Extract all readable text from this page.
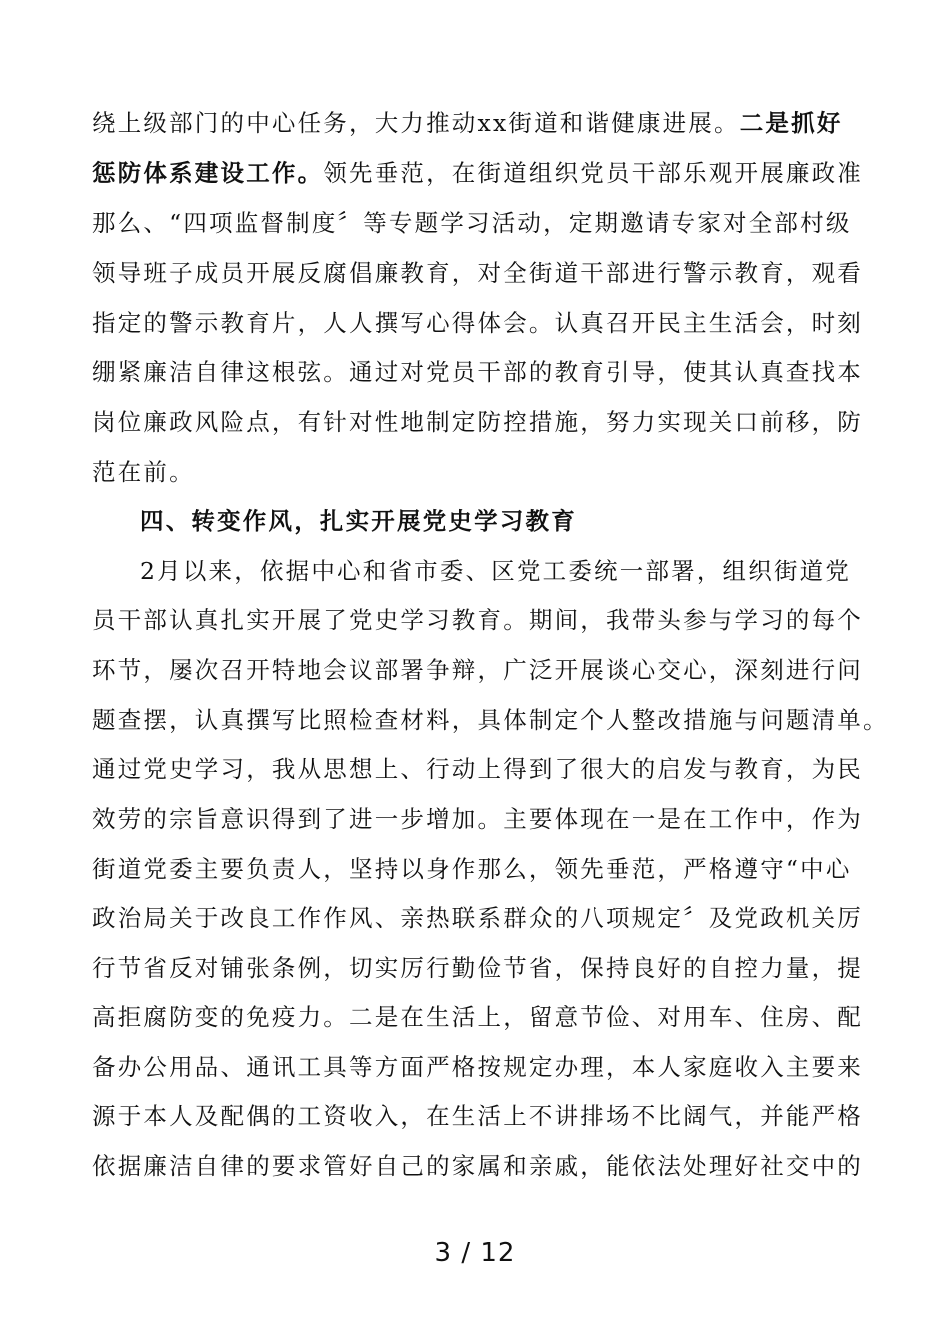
绕上级部门的中心任务，大力推动xx街道和谐健康进展。二是抓好
惩防体系建设工作。领先垂范，在街道组织党员干部乐观开展廉政准
那么、“四项监督制度〞等专题学习活动，定期邀请专家对全部村级
领导班子成员开展反腐倡廉教育，对全街道干部进行警示教育，观看
指定的警示教育片，人人撰写心得体会。认真召开民主生活会，时刻
绷紧廉洁自律这根弦。通过对党员干部的教育引导，使其认真查找本
岗位廉政风险点，有针对性地制定防控措施，努力实现关口前移，防
范在前。
四、转变作风，扎实开展党史学习教育
2月以来，依据中心和省市委、区党工委统一部署，组织街道党
员干部认真扎实开展了党史学习教育。期间，我带头参与学习的每个
环节，屡次召开特地会议部署争辩，广泛开展谈心交心，深刻进行问
题查摆，认真撰写比照检查材料，具体制定个人整改措施与问题清单。
通过党史学习，我从思想上、行动上得到了很大的启发与教育，为民
效劳的宗旨意识得到了进一步增加。主要体现在一是在工作中，作为
街道党委主要负责人，坚持以身作那么，领先垂范，严格遵守“中心
政治局关于改良工作作风、亲热联系群众的八项规定〞及党政机关厉
行节省反对铺张条例，切实厉行勤俭节省，保持良好的自控力量，提
高拒腐防变的免疫力。二是在生活上，留意节俭、对用车、住房、配
备办公用品、通讯工具等方面严格按规定办理，本人家庭收入主要来
源于本人及配偶的工资收入，在生活上不讲排场不比阔气，并能严格
依据廉洁自律的要求管好自己的家属和亲戚，能依法处理好社交中的
3 / 12
